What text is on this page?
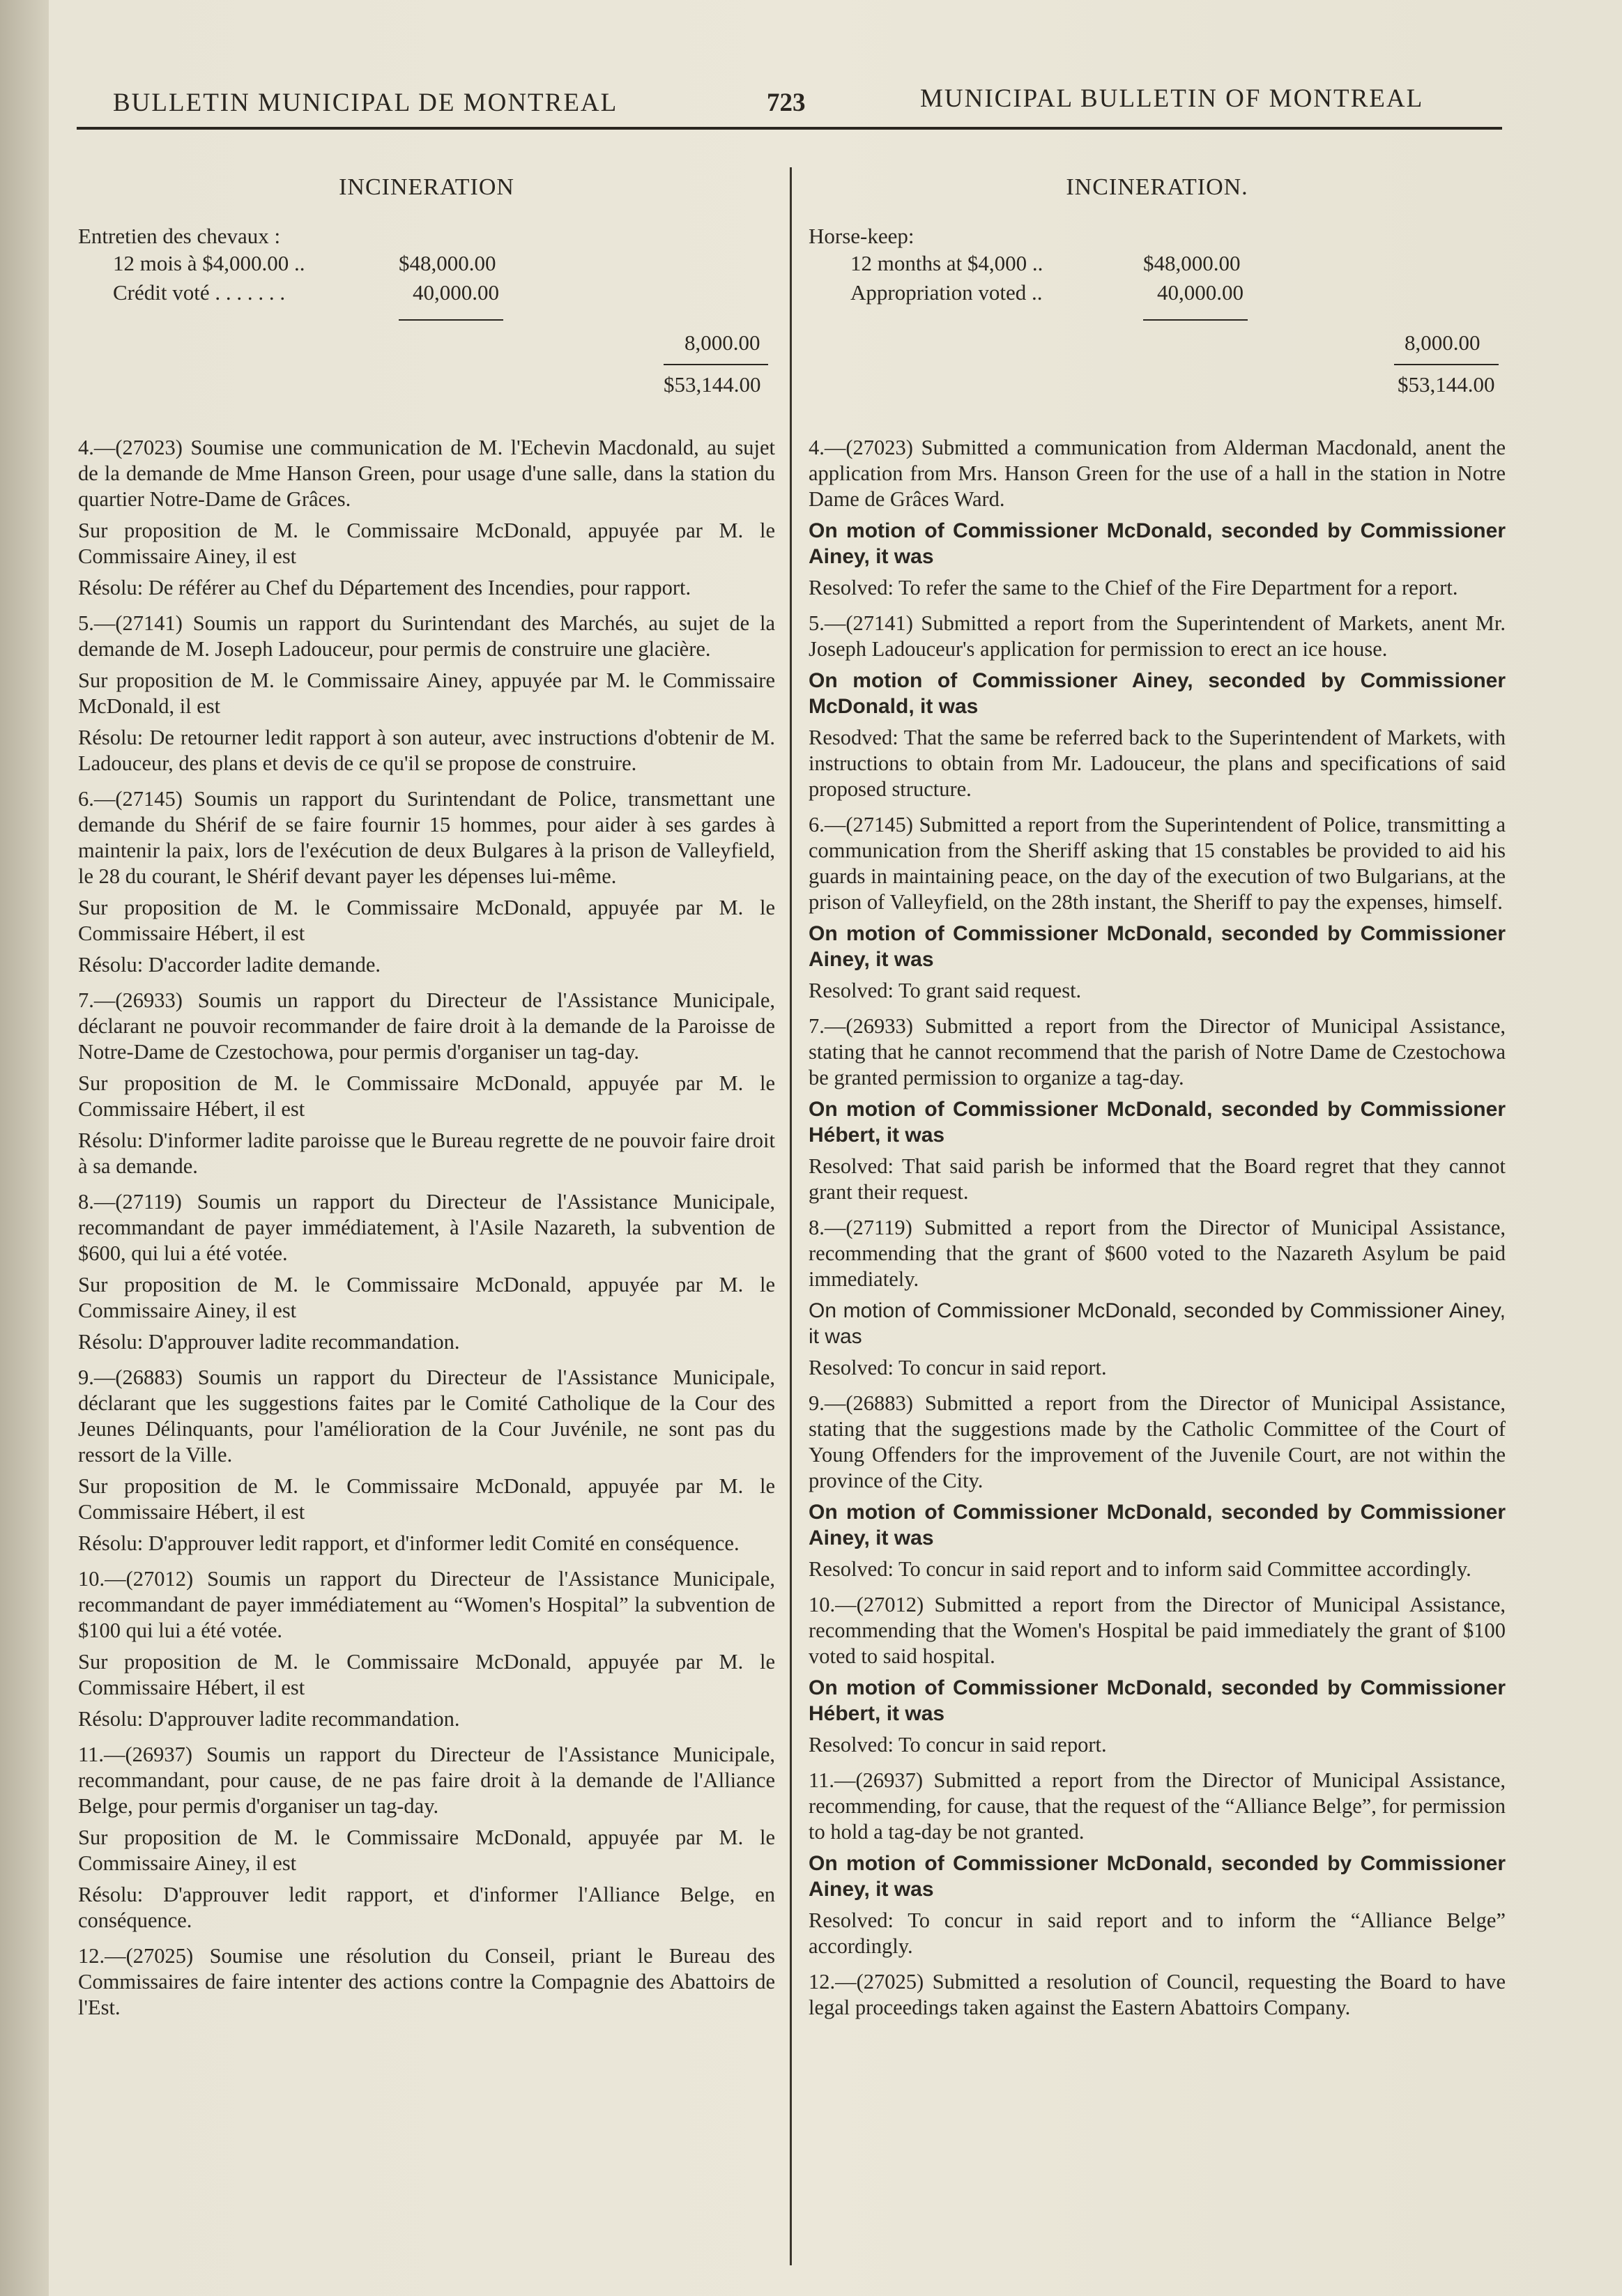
BULLETIN MUNICIPAL DE MONTREAL	723	MUNICIPAL BULLETIN OF MONTREAL
INCINERATION
Entretien des chevaux :
12 mois à $4,000.00 ..	$48,000.00
Crédit voté . . . . . . .	40,000.00
8,000.00
$53,144.00

4.—(27023) Soumise une communication de M. l'Echevin Macdonald, au sujet de la demande de Mme Hanson Green, pour usage d'une salle, dans la station du quartier Notre-Dame de Grâces.

Sur proposition de M. le Commissaire McDonald, appuyée par M. le Commissaire Ainey, il est

Résolu: De référer au Chef du Département des Incendies, pour rapport.

5.—(27141) Soumis un rapport du Surintendant des Marchés, au sujet de la demande de M. Joseph Ladouceur, pour permis de construire une glacière.

Sur proposition de M. le Commissaire Ainey, appuyée par M. le Commissaire McDonald, il est

Résolu: De retourner ledit rapport à son auteur, avec instructions d'obtenir de M. Ladouceur, des plans et devis de ce qu'il se propose de construire.

6.—(27145) Soumis un rapport du Surintendant de Police, transmettant une demande du Shérif de se faire fournir 15 hommes, pour aider à ses gardes à maintenir la paix, lors de l'exécution de deux Bulgares à la prison de Valleyfield, le 28 du courant, le Shérif devant payer les dépenses lui-même.

Sur proposition de M. le Commissaire McDonald, appuyée par M. le Commissaire Hébert, il est

Résolu: D'accorder ladite demande.

7.—(26933) Soumis un rapport du Directeur de l'Assistance Municipale, déclarant ne pouvoir recommander de faire droit à la demande de la Paroisse de Notre-Dame de Czestochowa, pour permis d'organiser un tag-day.

Sur proposition de M. le Commissaire McDonald, appuyée par M. le Commissaire Hébert, il est

Résolu: D'informer ladite paroisse que le Bureau regrette de ne pouvoir faire droit à sa demande.

8.—(27119) Soumis un rapport du Directeur de l'Assistance Municipale, recommandant de payer immédiatement, à l'Asile Nazareth, la subvention de $600, qui lui a été votée.

Sur proposition de M. le Commissaire McDonald, appuyée par M. le Commissaire Ainey, il est

Résolu: D'approuver ladite recommandation.

9.—(26883) Soumis un rapport du Directeur de l'Assistance Municipale, déclarant que les suggestions faites par le Comité Catholique de la Cour des Jeunes Délinquants, pour l'amélioration de la Cour Juvénile, ne sont pas du ressort de la Ville.

Sur proposition de M. le Commissaire McDonald, appuyée par M. le Commissaire Hébert, il est

Résolu: D'approuver ledit rapport, et d'informer ledit Comité en conséquence.

10.—(27012) Soumis un rapport du Directeur de l'Assistance Municipale, recommandant de payer immédiatement au “Women's Hospital” la subvention de $100 qui lui a été votée.

Sur proposition de M. le Commissaire McDonald, appuyée par M. le Commissaire Hébert, il est

Résolu: D'approuver ladite recommandation.

11.—(26937) Soumis un rapport du Directeur de l'Assistance Municipale, recommandant, pour cause, de ne pas faire droit à la demande de l'Alliance Belge, pour permis d'organiser un tag-day.

Sur proposition de M. le Commissaire McDonald, appuyée par M. le Commissaire Ainey, il est

Résolu: D'approuver ledit rapport, et d'informer l'Alliance Belge, en conséquence.

12.—(27025) Soumise une résolution du Conseil, priant le Bureau des Commissaires de faire intenter des actions contre la Compagnie des Abattoirs de l'Est.

INCINERATION.
Horse-keep:
12 months at $4,000 ..	$48,000.00
Appropriation voted ..	40,000.00
8,000.00
$53,144.00

4.—(27023) Submitted a communication from Alderman Macdonald, anent the application from Mrs. Hanson Green for the use of a hall in the station in Notre Dame de Grâces Ward.

On motion of Commissioner McDonald, seconded by Commissioner Ainey, it was

Resolved: To refer the same to the Chief of the Fire Department for a report.

5.—(27141) Submitted a report from the Superintendent of Markets, anent Mr. Joseph Ladouceur's application for permission to erect an ice house.

On motion of Commissioner Ainey, seconded by Commissioner McDonald, it was

Resodved: That the same be referred back to the Superintendent of Markets, with instructions to obtain from Mr. Ladouceur, the plans and specifications of said proposed structure.

6.—(27145) Submitted a report from the Superintendent of Police, transmitting a communication from the Sheriff asking that 15 constables be provided to aid his guards in maintaining peace, on the day of the execution of two Bulgarians, at the prison of Valleyfield, on the 28th instant, the Sheriff to pay the expenses, himself.

On motion of Commissioner McDonald, seconded by Commissioner Ainey, it was

Resolved: To grant said request.

7.—(26933) Submitted a report from the Director of Municipal Assistance, stating that he cannot recommend that the parish of Notre Dame de Czestochowa be granted permission to organize a tag-day.

On motion of Commissioner McDonald, seconded by Commissioner Hébert, it was

Resolved: That said parish be informed that the Board regret that they cannot grant their request.

8.—(27119) Submitted a report from the Director of Municipal Assistance, recommending that the grant of $600 voted to the Nazareth Asylum be paid immediately.

On motion of Commissioner McDonald, seconded by Commissioner Ainey, it was

Resolved: To concur in said report.

9.—(26883) Submitted a report from the Director of Municipal Assistance, stating that the suggestions made by the Catholic Committee of the Court of Young Offenders for the improvement of the Juvenile Court, are not within the province of the City.

On motion of Commissioner McDonald, seconded by Commissioner Ainey, it was

Resolved: To concur in said report and to inform said Committee accordingly.

10.—(27012) Submitted a report from the Director of Municipal Assistance, recommending that the Women's Hospital be paid immediately the grant of $100 voted to said hospital.

On motion of Commissioner McDonald, seconded by Commissioner Hébert, it was

Resolved: To concur in said report.

11.—(26937) Submitted a report from the Director of Municipal Assistance, recommending, for cause, that the request of the “Alliance Belge”, for permission to hold a tag-day be not granted.

On motion of Commissioner McDonald, seconded by Commissioner Ainey, it was

Resolved: To concur in said report and to inform the “Alliance Belge” accordingly.

12.—(27025) Submitted a resolution of Council, requesting the Board to have legal proceedings taken against the Eastern Abattoirs Company.
